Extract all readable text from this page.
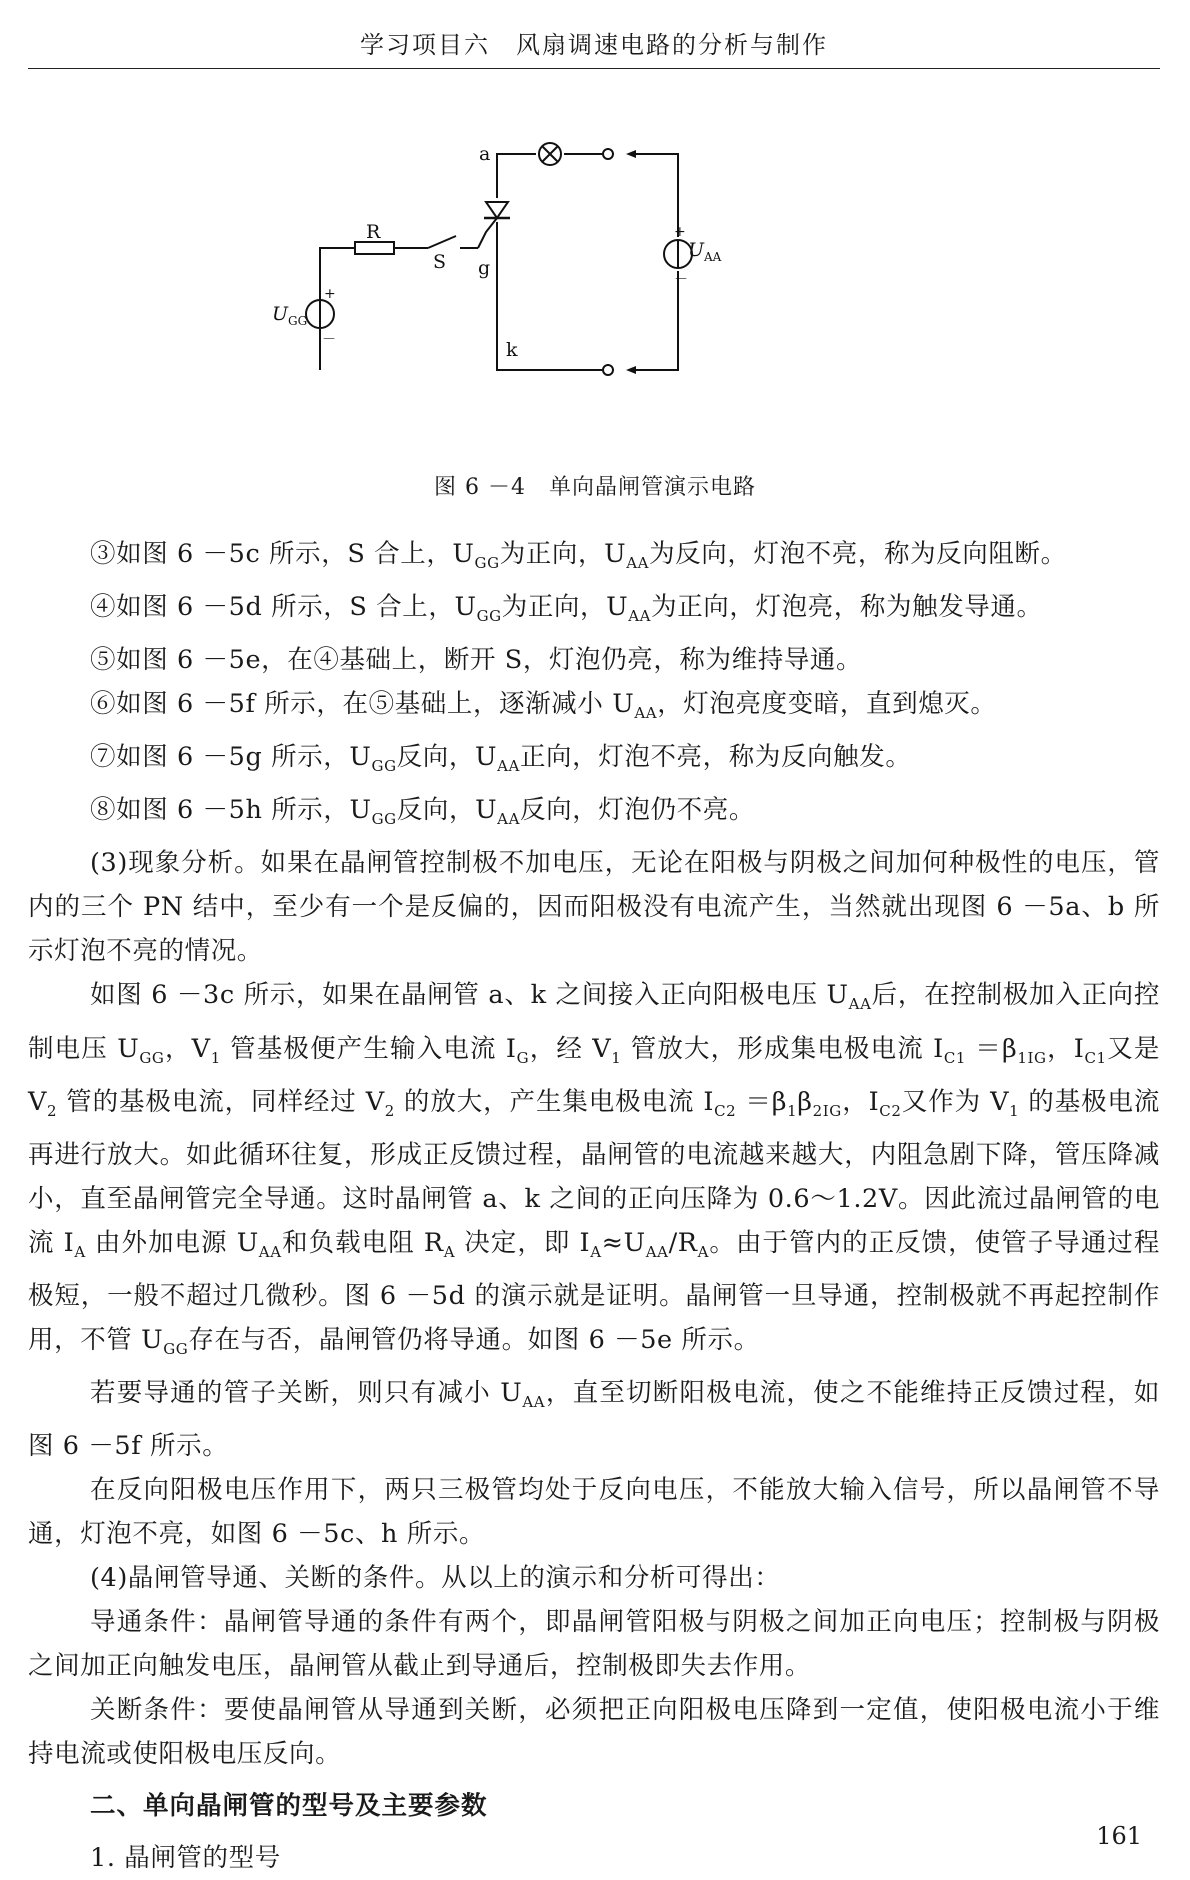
学习项目六　风扇调速电路的分析与制作
a
k
g
R
S
$U_{GG}$
$U_{AA}$
+
－
+
－
图 6 －4　单向晶闸管演示电路

③如图 6 －5c 所示，S 合上，$U_{GG}$为正向，$U_{AA}$为反向，灯泡不亮，称为反向阻断。

④如图 6 －5d 所示，S 合上，$U_{GG}$为正向，$U_{AA}$为正向，灯泡亮，称为触发导通。

⑤如图 6 －5e，在④基础上，断开 S，灯泡仍亮，称为维持导通。

⑥如图 6 －5f 所示，在⑤基础上，逐渐减小 $U_{AA}$，灯泡亮度变暗，直到熄灭。

⑦如图 6 －5g 所示，$U_{GG}$反向，$U_{AA}$正向，灯泡不亮，称为反向触发。

⑧如图 6 －5h 所示，$U_{GG}$反向，$U_{AA}$反向，灯泡仍不亮。

(3)现象分析。如果在晶闸管控制极不加电压，无论在阳极与阴极之间加何种极性的电压，管内的三个 PN 结中，至少有一个是反偏的，因而阳极没有电流产生，当然就出现图 6 －5a、b 所示灯泡不亮的情况。

如图 6 －3c 所示，如果在晶闸管 a、k 之间接入正向阳极电压 $U_{AA}$后，在控制极加入正向控制电压 $U_{GG}$，$V_1$ 管基极便产生输入电流 $I_G$，经 $V_1$ 管放大，形成集电极电流 $I_{C1} =\beta_{1IG}$，$I_{C1}$又是 $V_2$ 管的基极电流，同样经过 $V_2$ 的放大，产生集电极电流 $I_{C2} =\beta_1\beta_{2IG}$，$I_{C2}$又作为 $V_1$ 的基极电流再进行放大。如此循环往复，形成正反馈过程，晶闸管的电流越来越大，内阻急剧下降，管压降减小，直至晶闸管完全导通。这时晶闸管 a、k 之间的正向压降为 0.6～1.2V。因此流过晶闸管的电流 $I_A$ 由外加电源 $U_{AA}$和负载电阻 $R_A$ 决定，即 $I_A\approx U_{AA}/R_A$。由于管内的正反馈，使管子导通过程极短，一般不超过几微秒。图 6 －5d 的演示就是证明。晶闸管一旦导通，控制极就不再起控制作用，不管 $U_{GG}$存在与否，晶闸管仍将导通。如图 6 －5e 所示。

若要导通的管子关断，则只有减小 $U_{AA}$，直至切断阳极电流，使之不能维持正反馈过程，如图 6 －5f 所示。

在反向阳极电压作用下，两只三极管均处于反向电压，不能放大输入信号，所以晶闸管不导通，灯泡不亮，如图 6 －5c、h 所示。

(4)晶闸管导通、关断的条件。从以上的演示和分析可得出：

导通条件：晶闸管导通的条件有两个，即晶闸管阳极与阴极之间加正向电压；控制极与阴极之间加正向触发电压，晶闸管从截止到导通后，控制极即失去作用。

关断条件：要使晶闸管从导通到关断，必须把正向阳极电压降到一定值，使阳极电流小于维持电流或使阳极电压反向。

二、单向晶闸管的型号及主要参数

1. 晶闸管的型号

161
